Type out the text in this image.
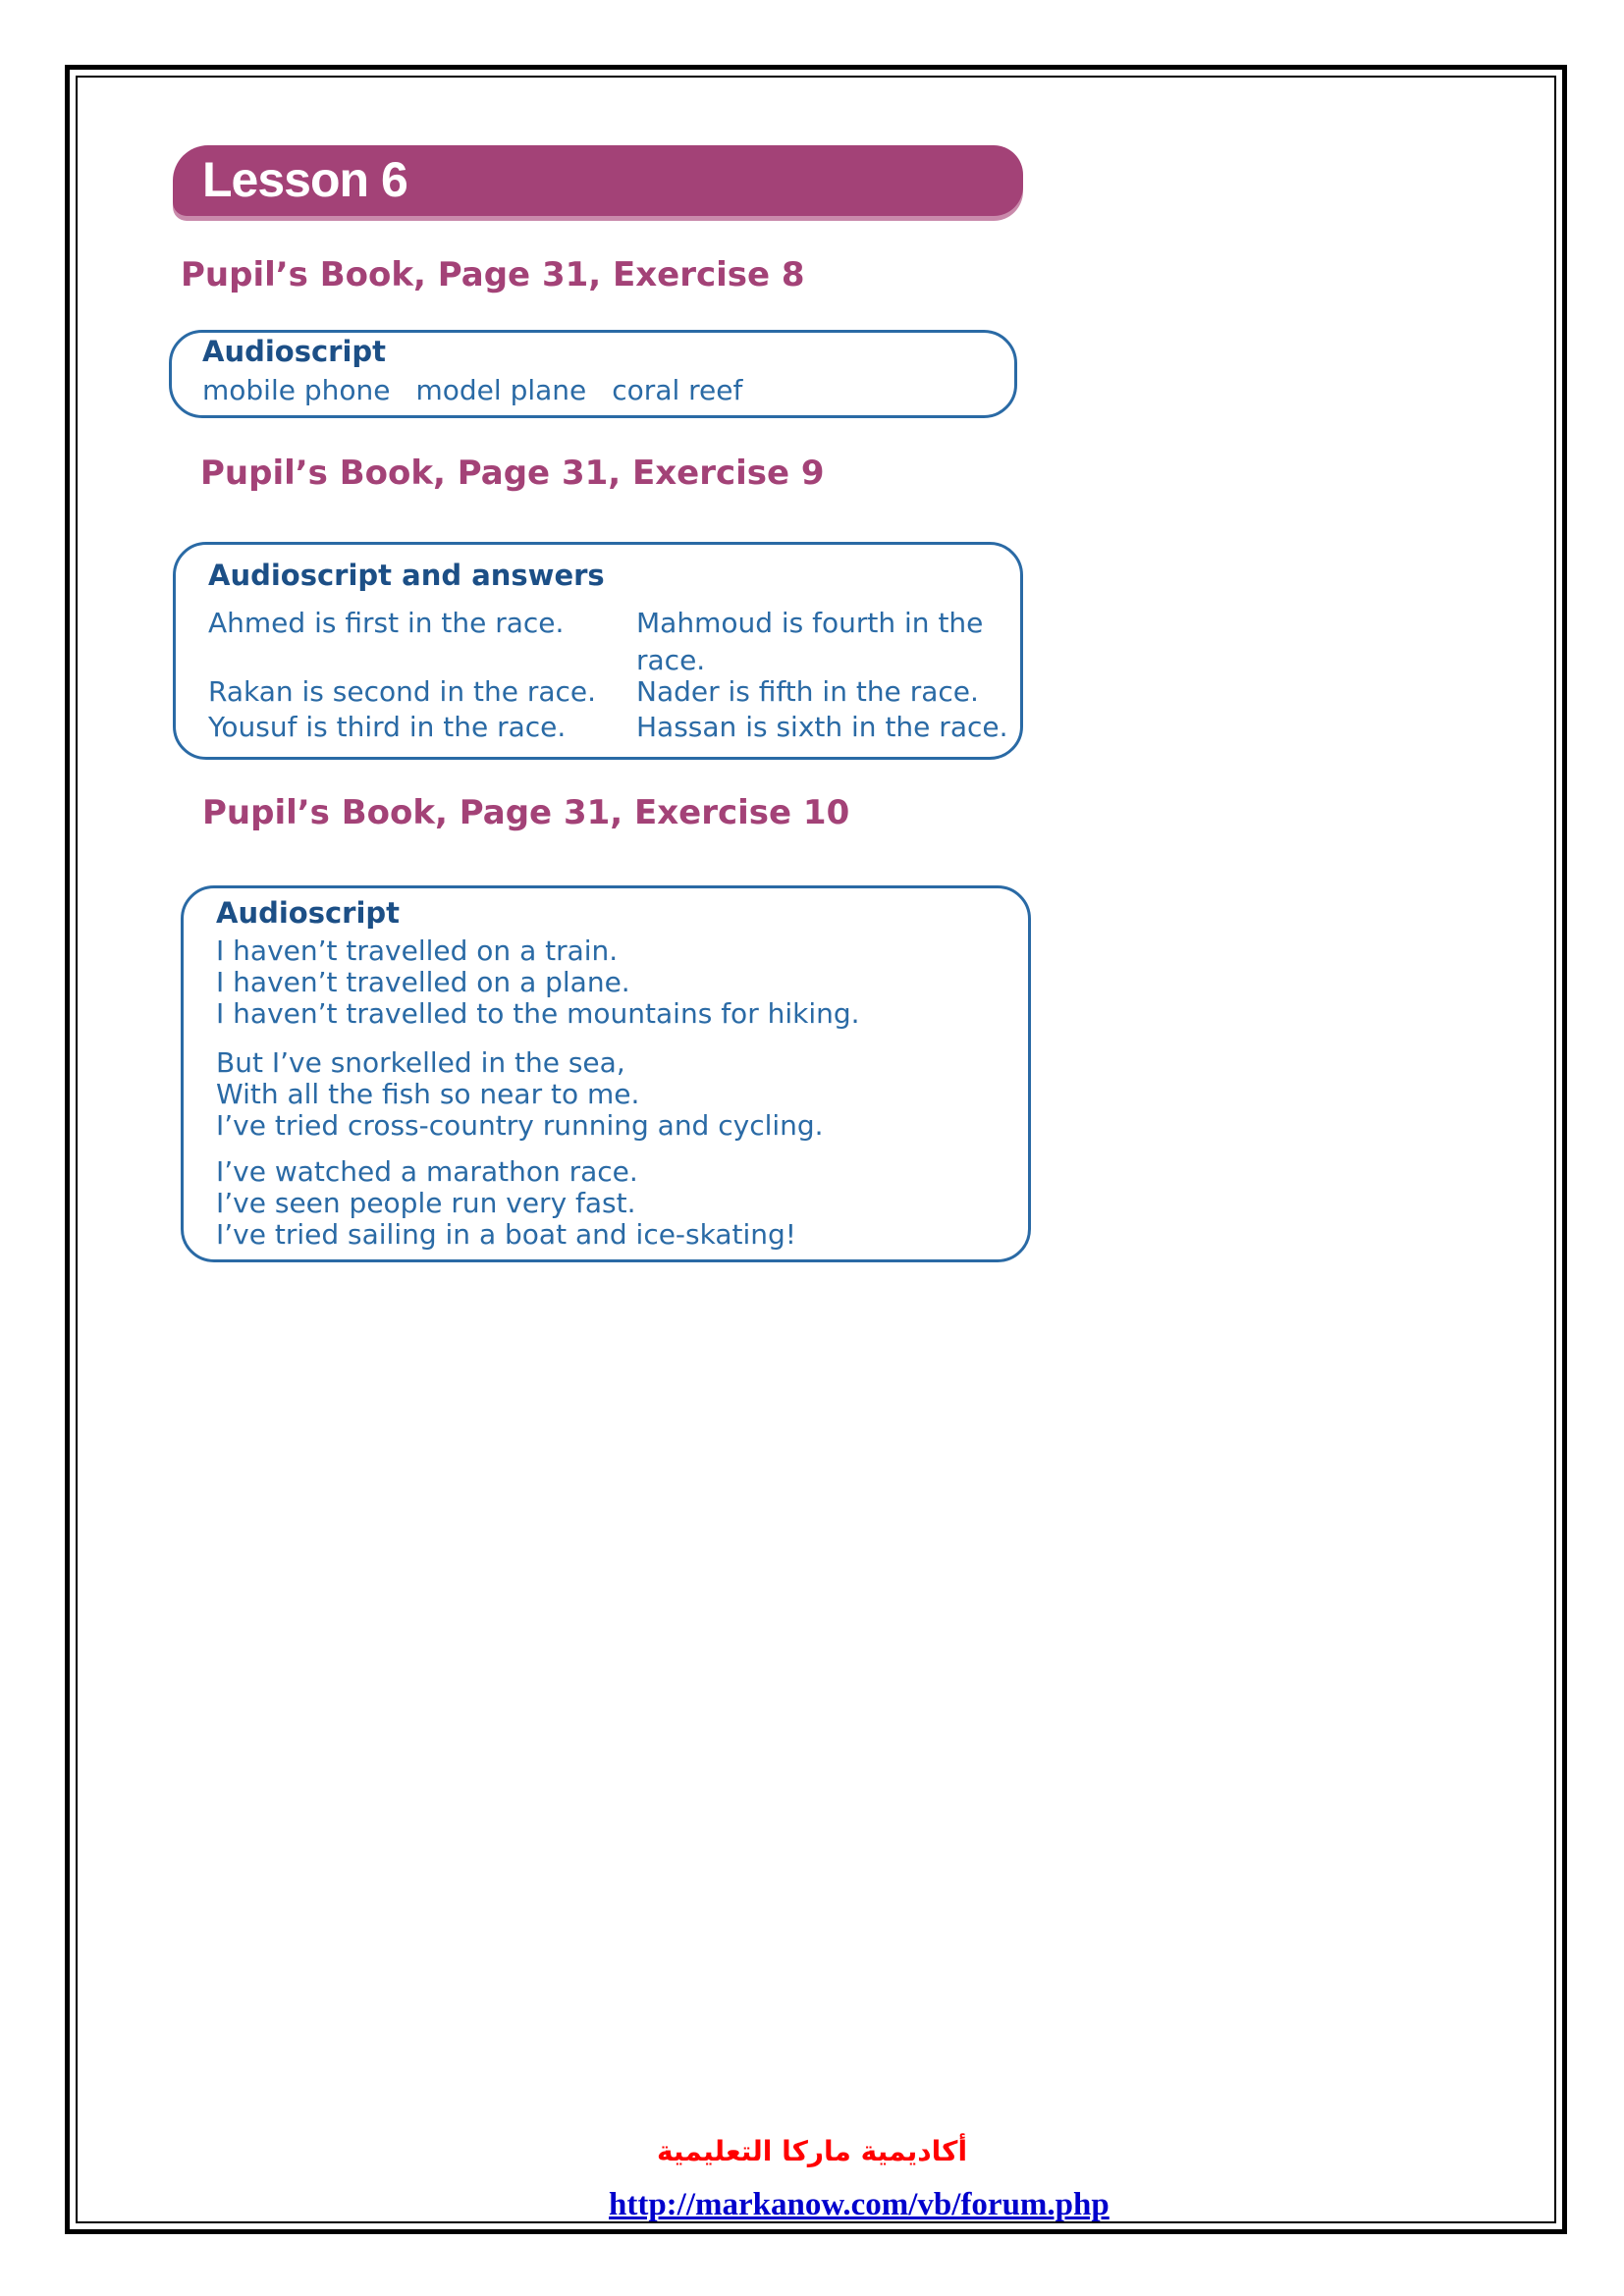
Lesson 6
Pupil’s Book, Page 31, Exercise 8
Audioscript
mobile phone model plane coral reef
Pupil’s Book, Page 31, Exercise 9
Audioscript and answers
Ahmed is first in the race.
Rakan is second in the race.
Yousuf is third in the race.
Mahmoud is fourth in the
race.
Nader is fifth in the race.
Hassan is sixth in the race.
Pupil’s Book, Page 31, Exercise 10
Audioscript
I haven’t travelled on a train.
I haven’t travelled on a plane.
I haven’t travelled to the mountains for hiking.
But I’ve snorkelled in the sea,
With all the fish so near to me.
I’ve tried cross-country running and cycling.
I’ve watched a marathon race.
I’ve seen people run very fast.
I’ve tried sailing in a boat and ice-skating!
أكاديمية ماركا التعليمية
http://markanow.com/vb/forum.php
